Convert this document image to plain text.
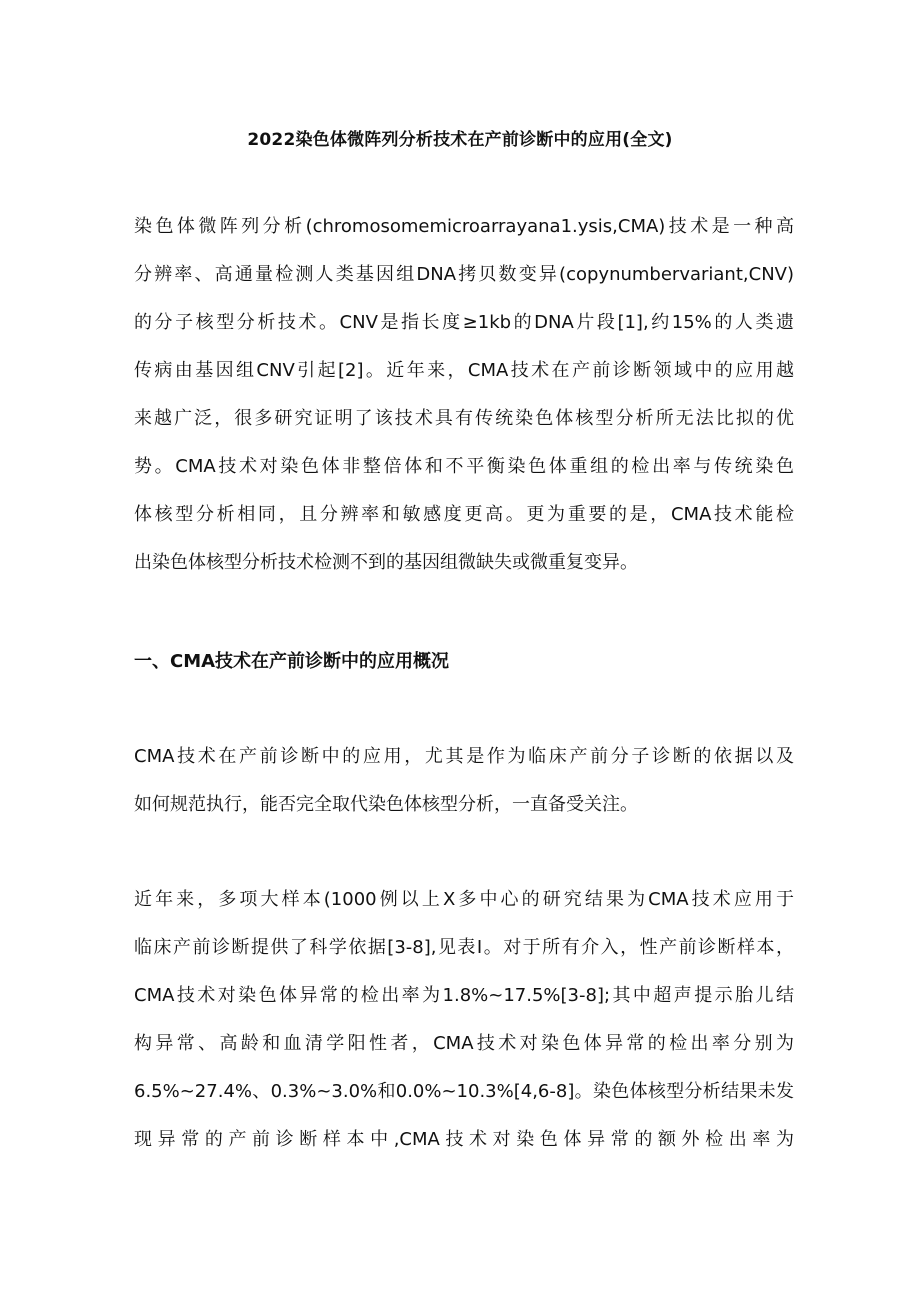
2022染色体微阵列分析技术在产前诊断中的应用(全文)
染色体微阵列分析(chromosomemicroarrayana1.ysis,CMA)技术是一种高
分辨率、高通量检测人类基因组DNA拷贝数变异(copynumbervariant,CNV)
的分子核型分析技术。CNV是指长度≥1kb的DNA片段[1],约15%的人类遗
传病由基因组CNV引起[2]。近年来，CMA技术在产前诊断领域中的应用越
来越广泛，很多研究证明了该技术具有传统染色体核型分析所无法比拟的优
势。CMA技术对染色体非整倍体和不平衡染色体重组的检出率与传统染色
体核型分析相同，且分辨率和敏感度更高。更为重要的是，CMA技术能检
出染色体核型分析技术检测不到的基因组微缺失或微重复变异。
一、CMA技术在产前诊断中的应用概况
CMA技术在产前诊断中的应用，尤其是作为临床产前分子诊断的依据以及
如何规范执行，能否完全取代染色体核型分析，一直备受关注。
近年来，多项大样本(1000例以上X多中心的研究结果为CMA技术应用于
临床产前诊断提供了科学依据[3-8],见表I。对于所有介入，性产前诊断样本，
CMA技术对染色体异常的检出率为1.8%~17.5%[3-8];其中超声提示胎儿结
构异常、高龄和血清学阳性者，CMA技术对染色体异常的检出率分别为
6.5%~27.4%、0.3%~3.0%和0.0%~10.3%[4,6-8]。染色体核型分析结果未发
现异常的产前诊断样本中,CMA技术对染色体异常的额外检出率为
